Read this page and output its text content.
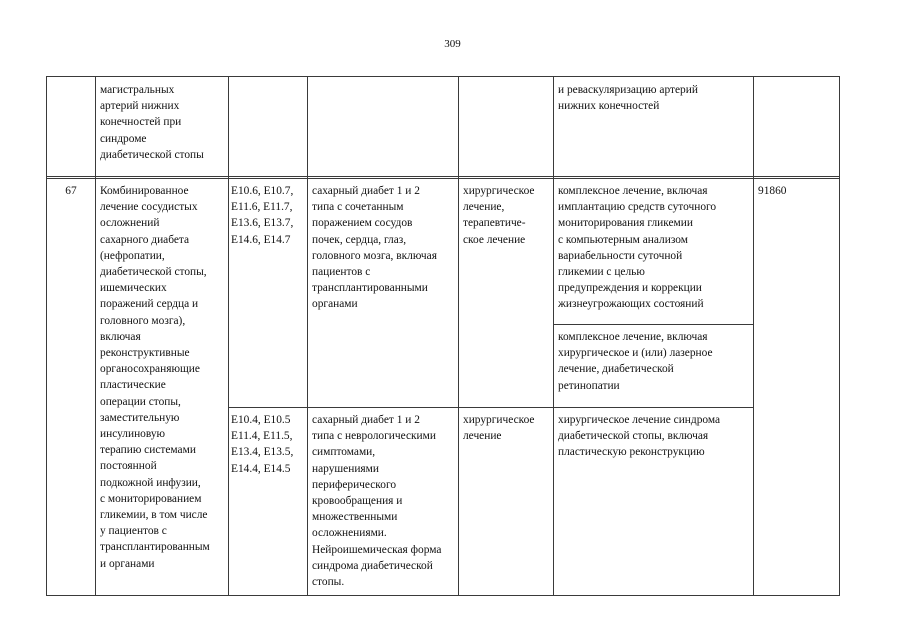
309
магистральных
артерий нижних
конечностей при
синдроме
диабетической стопы
и реваскуляризацию артерий
нижних конечностей
67	Комбинированное
лечение сосудистых
осложнений
сахарного диабета
(нефропатии,
диабетической стопы,
ишемических
поражений сердца и
головного мозга),
включая
реконструктивные
органосохраняющие
пластические
операции стопы,
заместительную
инсулиновую
терапию системами
постоянной
подкожной инфузии,
с мониторированием
гликемии, в том числе
у пациентов с
трансплантированным
и органами
E10.6, E10.7,
E11.6, E11.7,
E13.6, E13.7,
E14.6, E14.7
сахарный диабет 1 и 2
типа с сочетанным
поражением сосудов
почек, сердца, глаз,
головного мозга, включая
пациентов с
трансплантированными
органами
хирургическое
лечение,
терапевтиче-
ское лечение
комплексное лечение, включая
имплантацию средств суточного
мониторирования гликемии
с компьютерным анализом
вариабельности суточной
гликемии с целью
предупреждения и коррекции
жизнеугрожающих состояний
комплексное лечение, включая
хирургическое и (или) лазерное
лечение, диабетической
ретинопатии
91860
E10.4, E10.5
E11.4, E11.5,
E13.4, E13.5,
E14.4, E14.5
сахарный диабет 1 и 2
типа с неврологическими
симптомами,
нарушениями
периферического
кровообращения и
множественными
осложнениями.
Нейроишемическая форма
синдрома диабетической
стопы.
хирургическое
лечение
хирургическое лечение синдрома
диабетической стопы, включая
пластическую реконструкцию
